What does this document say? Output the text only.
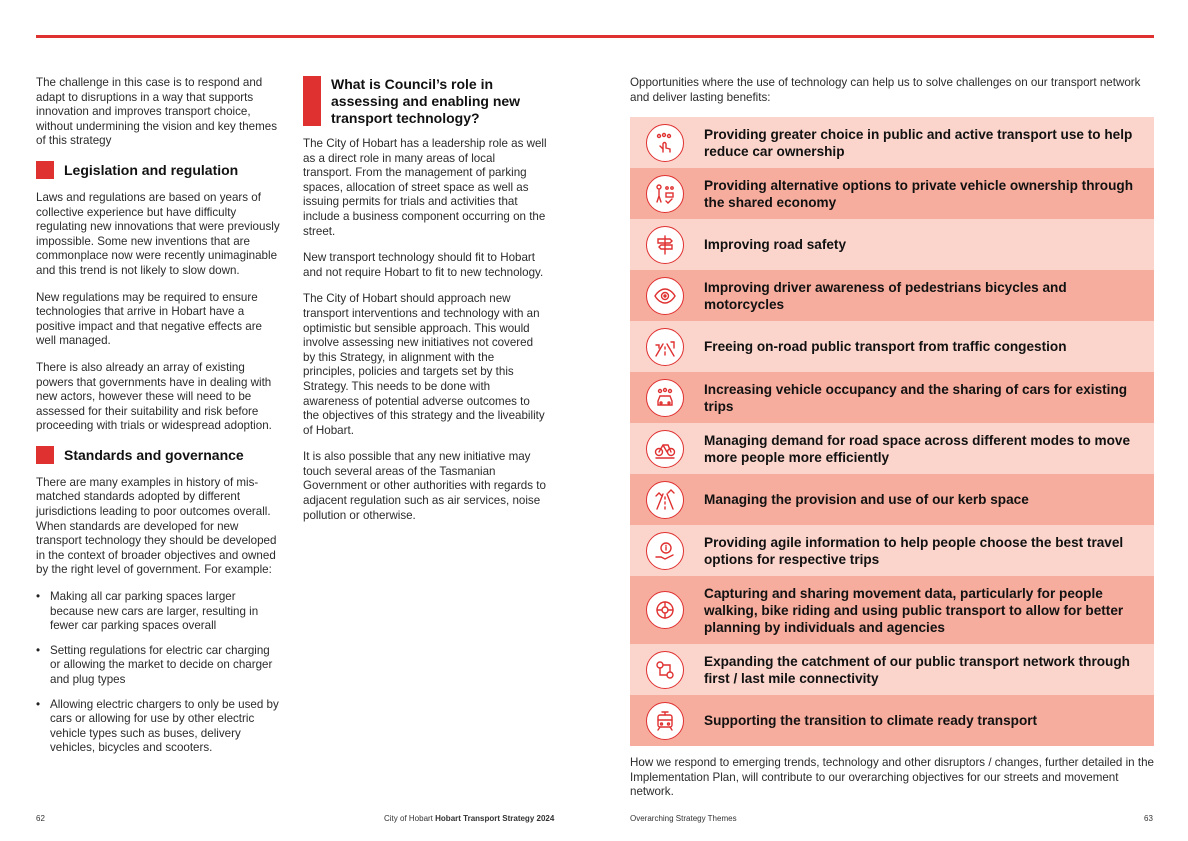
The challenge in this case is to respond and adapt to disruptions in a way that supports innovation and improves transport choice, without undermining the vision and key themes of this strategy

Legislation and regulation

Laws and regulations are based on years of collective experience but have difficulty regulating new innovations that were previously impossible. Some new inventions that are commonplace now were recently unimaginable and this trend is not likely to slow down.

New regulations may be required to ensure technologies that arrive in Hobart have a positive impact and that negative effects are well managed.

There is also already an array of existing powers that governments have in dealing with new actors, however these will need to be assessed for their suitability and risk before proceeding with trials or widespread adoption.

Standards and governance

There are many examples in history of mis-matched standards adopted by different jurisdictions leading to poor outcomes overall. When standards are developed for new transport technology they should be developed in the context of broader objectives and owned by the right level of government. For example:

• Making all car parking spaces larger because new cars are larger, resulting in fewer car parking spaces overall
• Setting regulations for electric car charging or allowing the market to decide on charger and plug types
• Allowing electric chargers to only be used by cars or allowing for use by other electric vehicle types such as buses, delivery vehicles, bicycles and scooters.
What is Council’s role in assessing and enabling new transport technology?

The City of Hobart has a leadership role as well as a direct role in many areas of local transport. From the management of parking spaces, allocation of street space as well as issuing permits for trials and activities that include a business component occurring on the street.

New transport technology should fit to Hobart and not require Hobart to fit to new technology.

The City of Hobart should approach new transport interventions and technology with an optimistic but sensible approach. This would involve assessing new initiatives not covered by this Strategy, in alignment with the principles, policies and targets set by this Strategy. This needs to be done with awareness of potential adverse outcomes to the objectives of this strategy and the liveability of Hobart.

It is also possible that any new initiative may touch several areas of the Tasmanian Government or other authorities with regards to adjacent regulation such as air services, noise pollution or otherwise.

Opportunities where the use of technology can help us to solve challenges on our transport network and deliver lasting benefits:

Providing greater choice in public and active transport use to help reduce car ownership
Providing alternative options to private vehicle ownership through the shared economy
Improving road safety
Improving driver awareness of pedestrians bicycles and motorcycles
Freeing on-road public transport from traffic congestion
Increasing vehicle occupancy and the sharing of cars for existing trips
Managing demand for road space across different modes to move more people more efficiently
Managing the provision and use of our kerb space
Providing agile information to help people choose the best travel options for respective trips
Capturing and sharing movement data, particularly for people walking, bike riding and using public transport to allow for better planning by individuals and agencies
Expanding the catchment of our public transport network through first / last mile connectivity
Supporting the transition to climate ready transport

How we respond to emerging trends, technology and other disruptors / changes, further detailed in the Implementation Plan, will contribute to our overarching objectives for our streets and movement network.

62	City of Hobart Hobart Transport Strategy 2024	Overarching Strategy Themes	63
